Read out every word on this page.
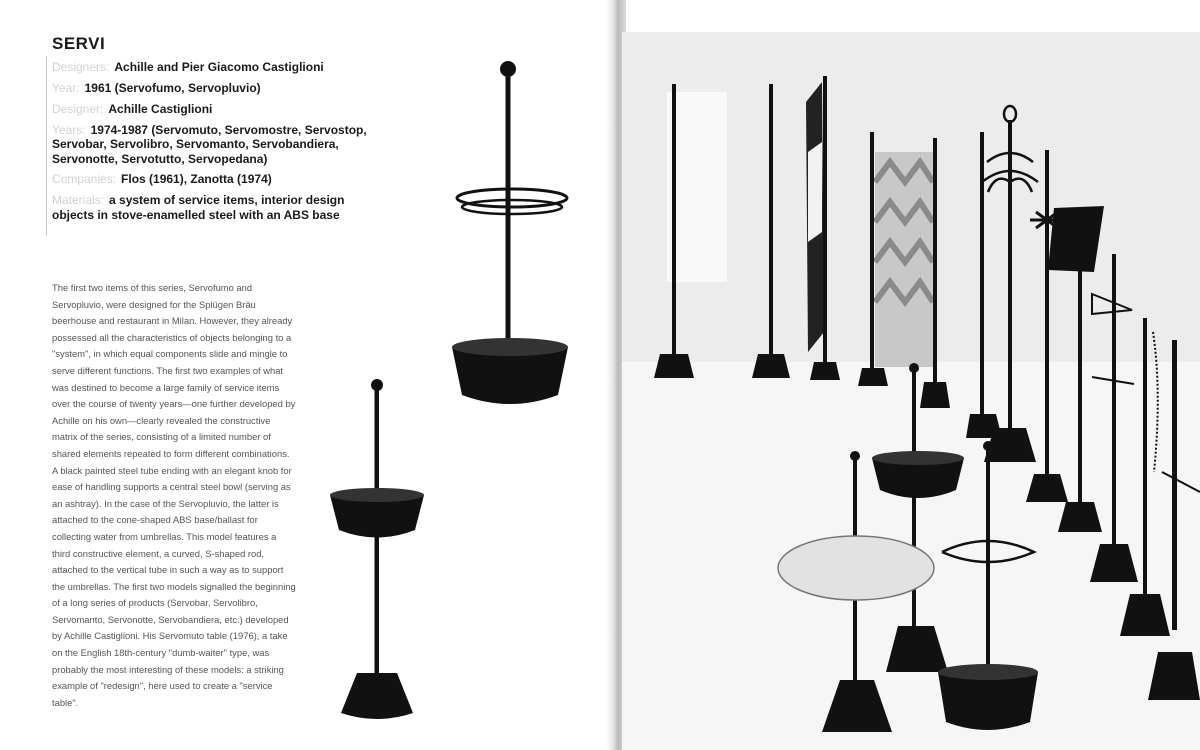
SERVI
Designers: Achille and Pier Giacomo Castiglioni
Year: 1961 (Servofumo, Servopluvio)
Designer: Achille Castiglioni
Years: 1974-1987 (Servomuto, Servomostre, Servostop, Servobar, Servolibro, Servomanto, Servobandiera, Servonotte, Servotutto, Servopedana)
Companies: Flos (1961), Zanotta (1974)
Materials: a system of service items, interior design objects in stove-enamelled steel with an ABS base

The first two items of this series, Servofumo and Servopluvio, were designed for the Splügen Bräu beerhouse and restaurant in Milan. However, they already possessed all the characteristics of objects belonging to a "system", in which equal components slide and mingle to serve different functions. The first two examples of what was destined to become a large family of service items over the course of twenty years—one further developed by Achille on his own—clearly revealed the constructive matrix of the series, consisting of a limited number of shared elements repeated to form different combinations. A black painted steel tube ending with an elegant knob for ease of handling supports a central steel bowl (serving as an ashtray). In the case of the Servopluvio, the latter is attached to the cone-shaped ABS base/ballast for collecting water from umbrellas. This model features a third constructive element, a curved, S-shaped rod, attached to the vertical tube in such a way as to support the umbrellas. The first two models signalled the beginning of a long series of products (Servobar, Servolibro, Servomanto, Servonotte, Servobandiera, etc.) developed by Achille Castiglioni. His Servomuto table (1976), a take on the English 18th-century "dumb-waiter" type, was probably the most interesting of these models: a striking example of "redesign", here used to create a "service table".
